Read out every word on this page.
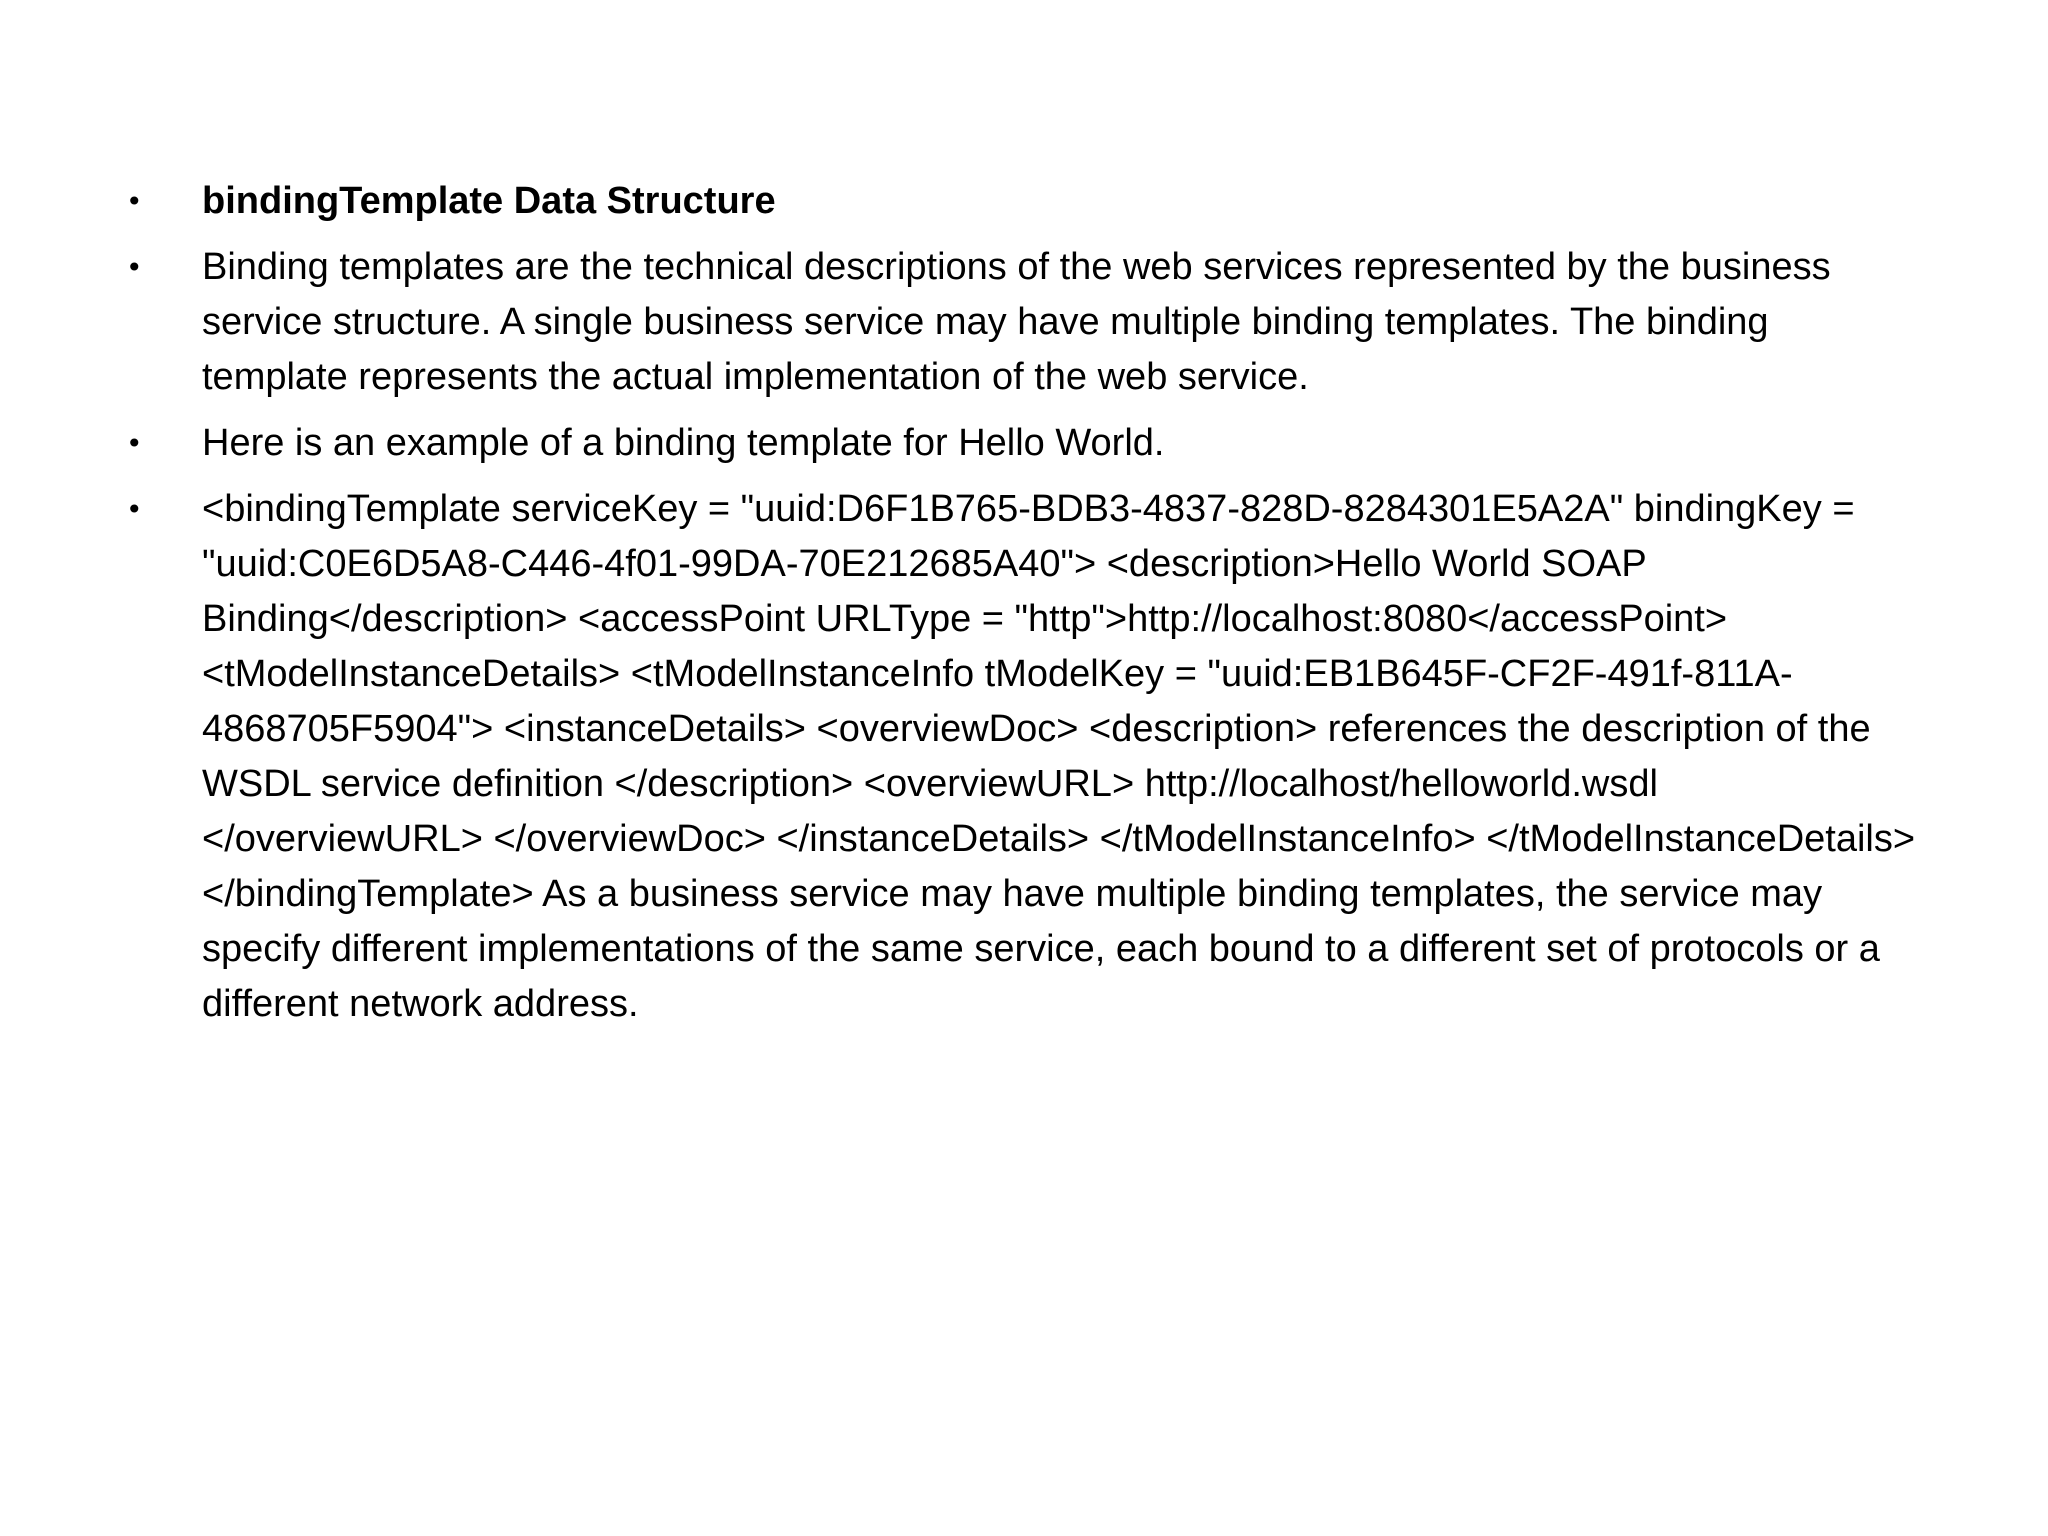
• bindingTemplate Data Structure
• Binding templates are the technical descriptions of the web services represented by the business service structure. A single business service may have multiple binding templates. The binding template represents the actual implementation of the web service.
• Here is an example of a binding template for Hello World.
• <bindingTemplate serviceKey = "uuid:D6F1B765-BDB3-4837-828D-8284301E5A2A" bindingKey = "uuid:C0E6D5A8-C446-4f01-99DA-70E212685A40"> <description>Hello World SOAP Binding</description> <accessPoint URLType = "http">http://localhost:8080</accessPoint> <tModelInstanceDetails> <tModelInstanceInfo tModelKey = "uuid:EB1B645F-CF2F-491f-811A-4868705F5904"> <instanceDetails> <overviewDoc> <description> references the description of the WSDL service definition </description> <overviewURL> http://localhost/helloworld.wsdl </overviewURL> </overviewDoc> </instanceDetails> </tModelInstanceInfo> </tModelInstanceDetails> </bindingTemplate> As a business service may have multiple binding templates, the service may specify different implementations of the same service, each bound to a different set of protocols or a different network address.
